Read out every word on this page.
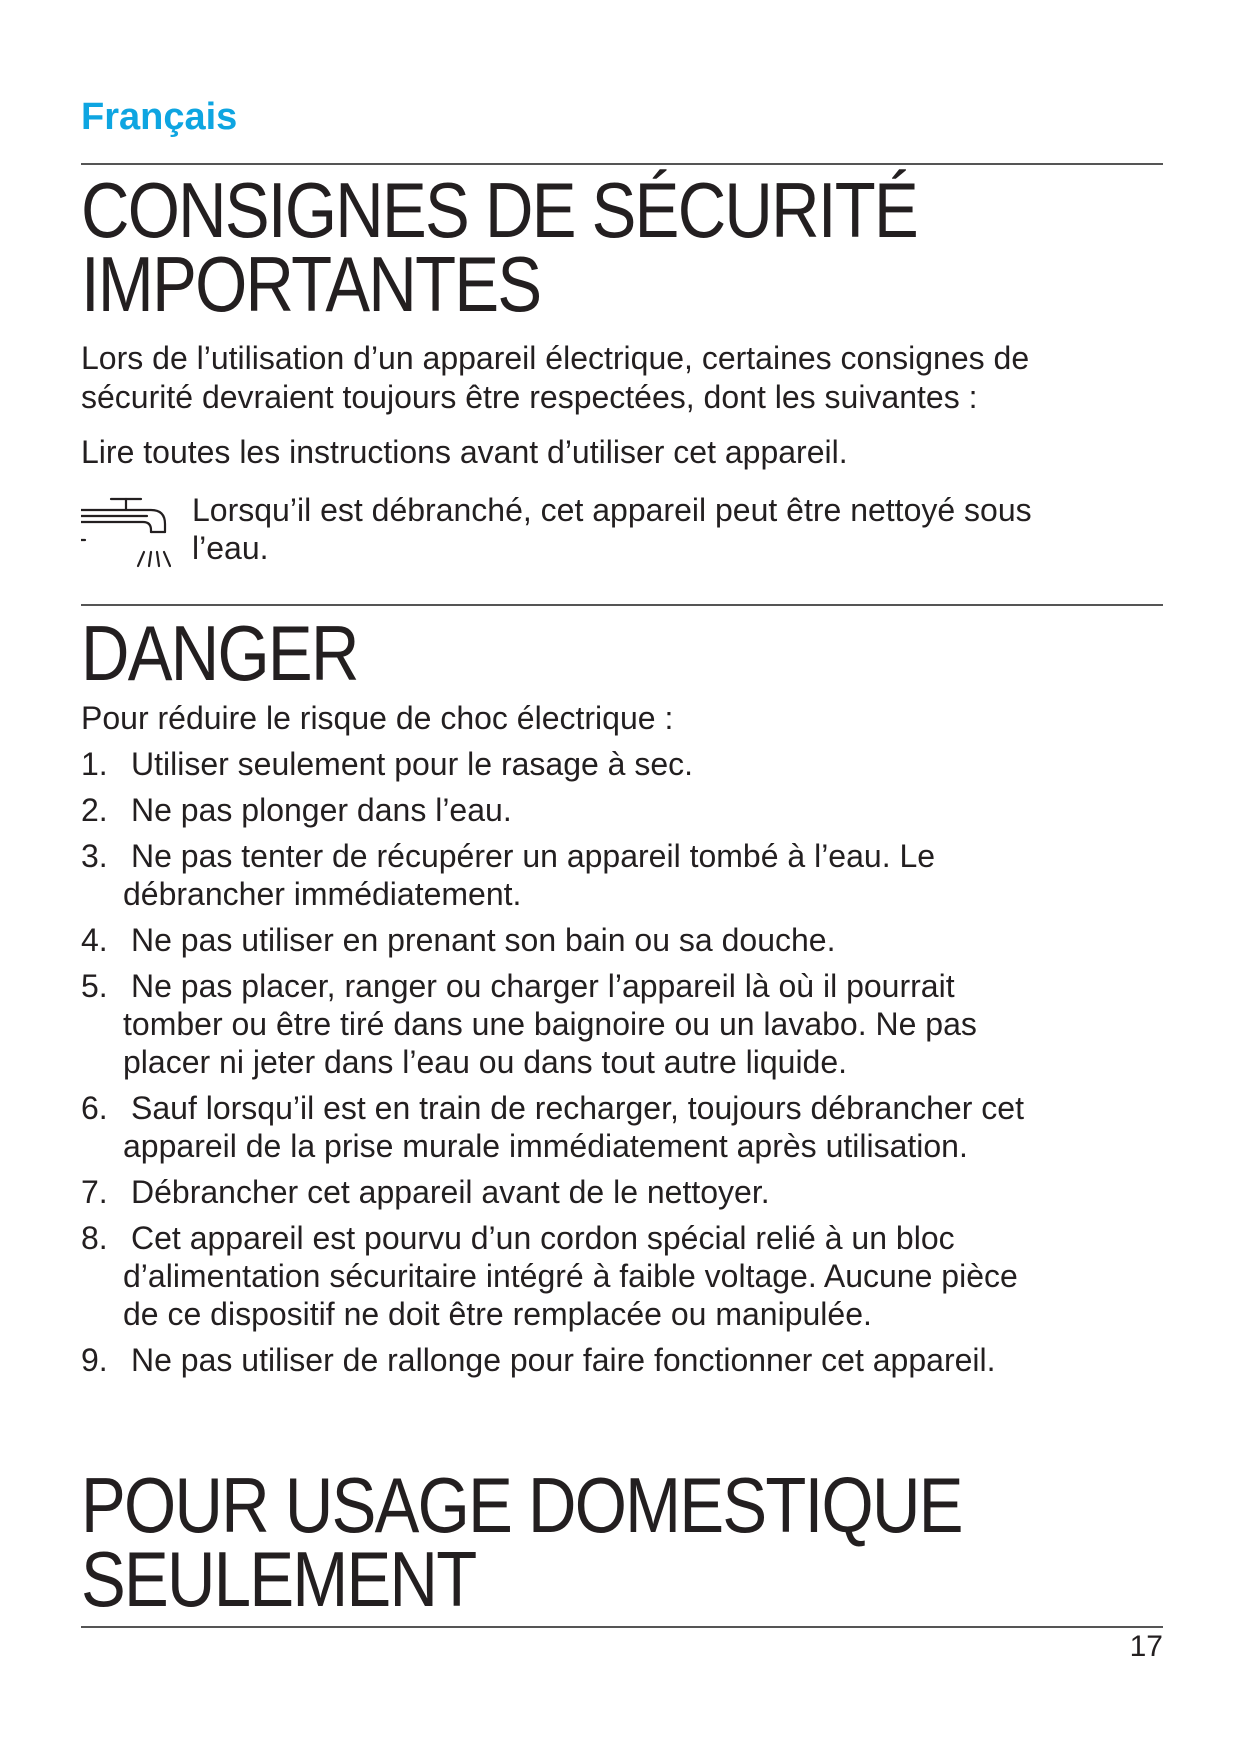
Français
CONSIGNES DE SÉCURITÉ
IMPORTANTES
Lors de l’utilisation d’un appareil électrique, certaines consignes de
sécurité devraient toujours être respectées, dont les suivantes :
Lire toutes les instructions avant d’utiliser cet appareil.
Lorsqu’il est débranché, cet appareil peut être nettoyé sous
l’eau.
DANGER
Pour réduire le risque de choc électrique :
1. Utiliser seulement pour le rasage à sec.
2. Ne pas plonger dans l’eau.
3. Ne pas tenter de récupérer un appareil tombé à l’eau. Le
débrancher immédiatement.
4. Ne pas utiliser en prenant son bain ou sa douche.
5. Ne pas placer, ranger ou charger l’appareil là où il pourrait
tomber ou être tiré dans une baignoire ou un lavabo. Ne pas
placer ni jeter dans l’eau ou dans tout autre liquide.
6. Sauf lorsqu’il est en train de recharger, toujours débrancher cet
appareil de la prise murale immédiatement après utilisation.
7. Débrancher cet appareil avant de le nettoyer.
8. Cet appareil est pourvu d’un cordon spécial relié à un bloc
d’alimentation sécuritaire intégré à faible voltage. Aucune pièce
de ce dispositif ne doit être remplacée ou manipulée.
9. Ne pas utiliser de rallonge pour faire fonctionner cet appareil.
POUR USAGE DOMESTIQUE
SEULEMENT
17
